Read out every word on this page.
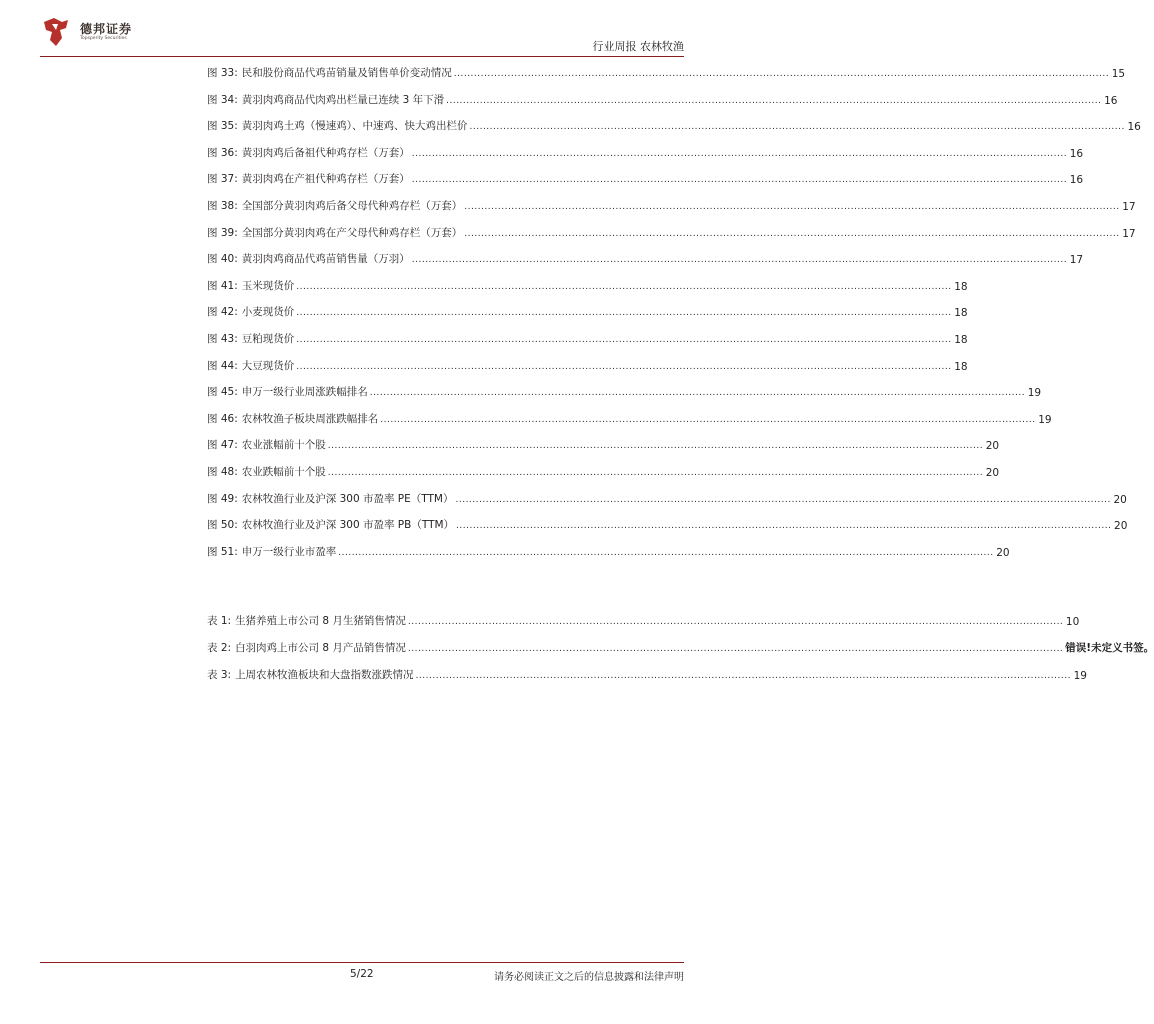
德邦证券
Topsperity Securities
行业周报 农林牧渔
图 33: 民和股份商品代鸡苗销量及销售单价变动情况 ................................................................................................................................................................................................... 15
图 34: 黄羽肉鸡商品代肉鸡出栏量已连续 3 年下滑 ................................................................................................................................................................................................... 16
图 35: 黄羽肉鸡土鸡（慢速鸡）、中速鸡、快大鸡出栏价 ................................................................................................................................................................................................... 16
图 36: 黄羽肉鸡后备祖代种鸡存栏（万套） ................................................................................................................................................................................................... 16
图 37: 黄羽肉鸡在产祖代种鸡存栏（万套） ................................................................................................................................................................................................... 16
图 38: 全国部分黄羽肉鸡后备父母代种鸡存栏（万套） ................................................................................................................................................................................................... 17
图 39: 全国部分黄羽肉鸡在产父母代种鸡存栏（万套） ................................................................................................................................................................................................... 17
图 40: 黄羽肉鸡商品代鸡苗销售量（万羽） ................................................................................................................................................................................................... 17
图 41: 玉米现货价 ................................................................................................................................................................................................... 18
图 42: 小麦现货价 ................................................................................................................................................................................................... 18
图 43: 豆粕现货价 ................................................................................................................................................................................................... 18
图 44: 大豆现货价 ................................................................................................................................................................................................... 18
图 45: 申万一级行业周涨跌幅排名 ................................................................................................................................................................................................... 19
图 46: 农林牧渔子板块周涨跌幅排名 ................................................................................................................................................................................................... 19
图 47: 农业涨幅前十个股 ................................................................................................................................................................................................... 20
图 48: 农业跌幅前十个股 ................................................................................................................................................................................................... 20
图 49: 农林牧渔行业及沪深 300 市盈率 PE（TTM） ................................................................................................................................................................................................... 20
图 50: 农林牧渔行业及沪深 300 市盈率 PB（TTM） ................................................................................................................................................................................................... 20
图 51: 申万一级行业市盈率 ................................................................................................................................................................................................... 20
表 1: 生猪养殖上市公司 8 月生猪销售情况 ................................................................................................................................................................................................... 10
表 2: 白羽肉鸡上市公司 8 月产品销售情况 ................................................................................................................................................................................................... 错误!未定义书签。
表 3: 上周农林牧渔板块和大盘指数涨跌情况 ................................................................................................................................................................................................... 19
5/22	请务必阅读正文之后的信息披露和法律声明
